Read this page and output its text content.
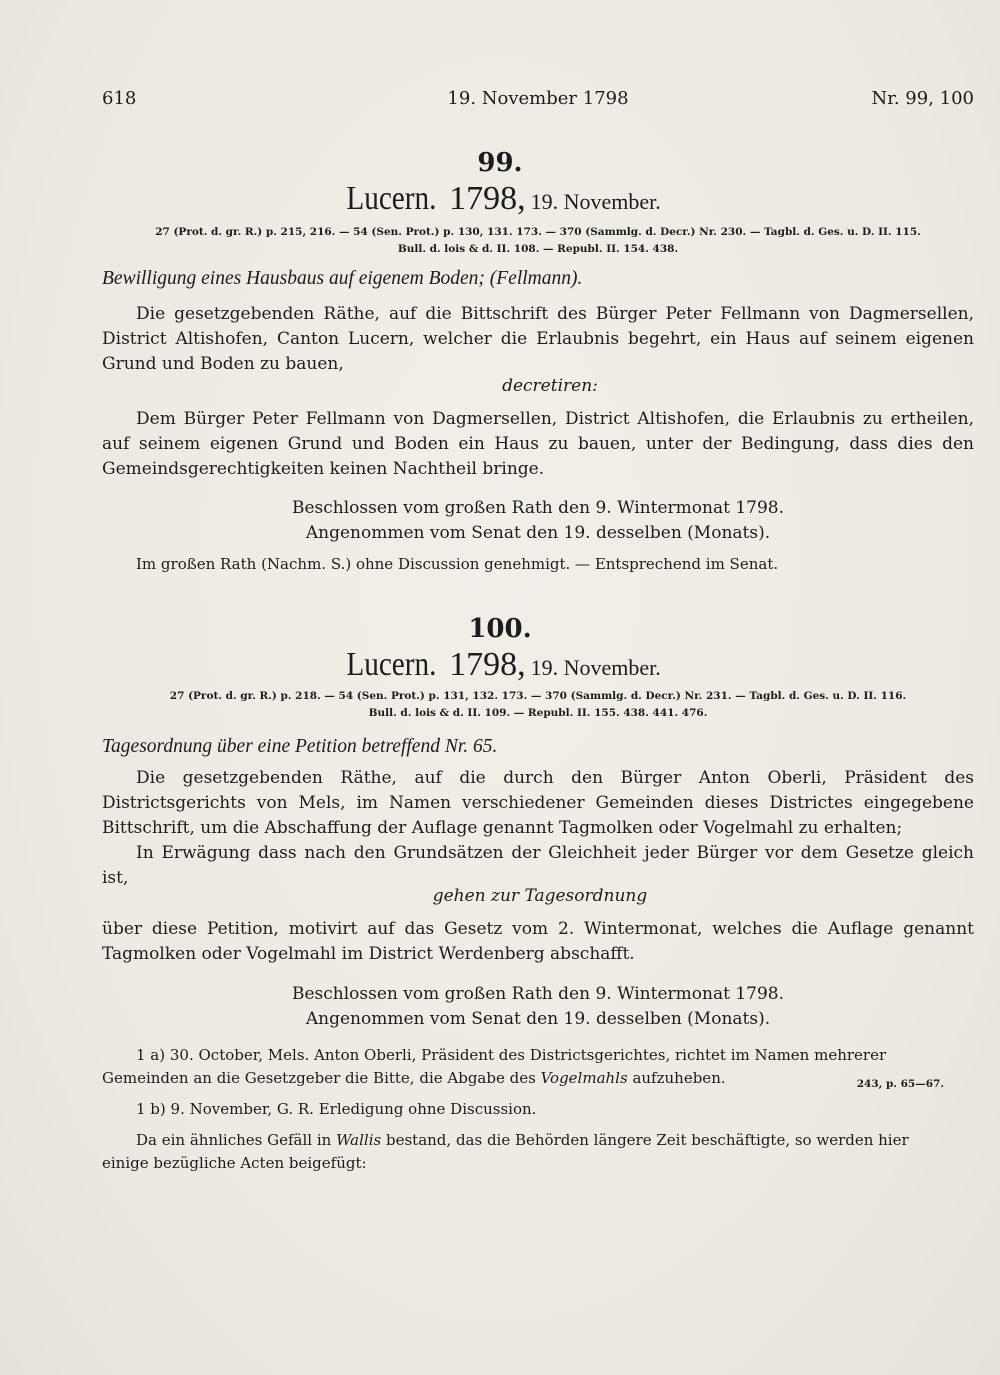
618	19. November 1798	Nr. 99, 100
99.
Lucern. 1798, 19. November.
27 (Prot. d. gr. R.) p. 215, 216. — 54 (Sen. Prot.) p. 130, 131. 173. — 370 (Sammlg. d. Decr.) Nr. 230. — Tagbl. d. Ges. u. D. II. 115.
Bull. d. lois & d. II. 108. — Republ. II. 154. 438.
Bewilligung eines Hausbaus auf eigenem Boden; (Fellmann).

Die gesetzgebenden Räthe, auf die Bittschrift des Bürger Peter Fellmann von Dagmersellen, District Altishofen, Canton Lucern, welcher die Erlaubnis begehrt, ein Haus auf seinem eigenen Grund und Boden zu bauen,

decretiren:

Dem Bürger Peter Fellmann von Dagmersellen, District Altishofen, die Erlaubnis zu ertheilen, auf seinem eigenen Grund und Boden ein Haus zu bauen, unter der Bedingung, dass dies den Gemeindsgerechtigkeiten keinen Nachtheil bringe.

Beschlossen vom großen Rath den 9. Wintermonat 1798.
Angenommen vom Senat den 19. desselben (Monats).
Im großen Rath (Nachm. S.) ohne Discussion genehmigt. — Entsprechend im Senat.
100.
Lucern. 1798, 19. November.
27 (Prot. d. gr. R.) p. 218. — 54 (Sen. Prot.) p. 131, 132. 173. — 370 (Sammlg. d. Decr.) Nr. 231. — Tagbl. d. Ges. u. D. II. 116.
Bull. d. lois & d. II. 109. — Republ. II. 155. 438. 441. 476.
Tagesordnung über eine Petition betreffend Nr. 65.

Die gesetzgebenden Räthe, auf die durch den Bürger Anton Oberli, Präsident des Districtsgerichts von Mels, im Namen verschiedener Gemeinden dieses Districtes eingegebene Bittschrift, um die Abschaffung der Auflage genannt Tagmolken oder Vogelmahl zu erhalten;

In Erwägung dass nach den Grundsätzen der Gleichheit jeder Bürger vor dem Gesetze gleich ist,

gehen zur Tagesordnung

über diese Petition, motivirt auf das Gesetz vom 2. Wintermonat, welches die Auflage genannt Tagmolken oder Vogelmahl im District Werdenberg abschafft.

Beschlossen vom großen Rath den 9. Wintermonat 1798.
Angenommen vom Senat den 19. desselben (Monats).
1 a) 30. October, Mels. Anton Oberli, Präsident des Districtsgerichtes, richtet im Namen mehrerer
Gemeinden an die Gesetzgeber die Bitte, die Abgabe des Vogelmahls aufzuheben.	243, p. 65—67.
1 b) 9. November, G. R. Erledigung ohne Discussion.
Da ein ähnliches Gefäll in Wallis bestand, das die Behörden längere Zeit beschäftigte, so werden hier
einige bezügliche Acten beigefügt:
